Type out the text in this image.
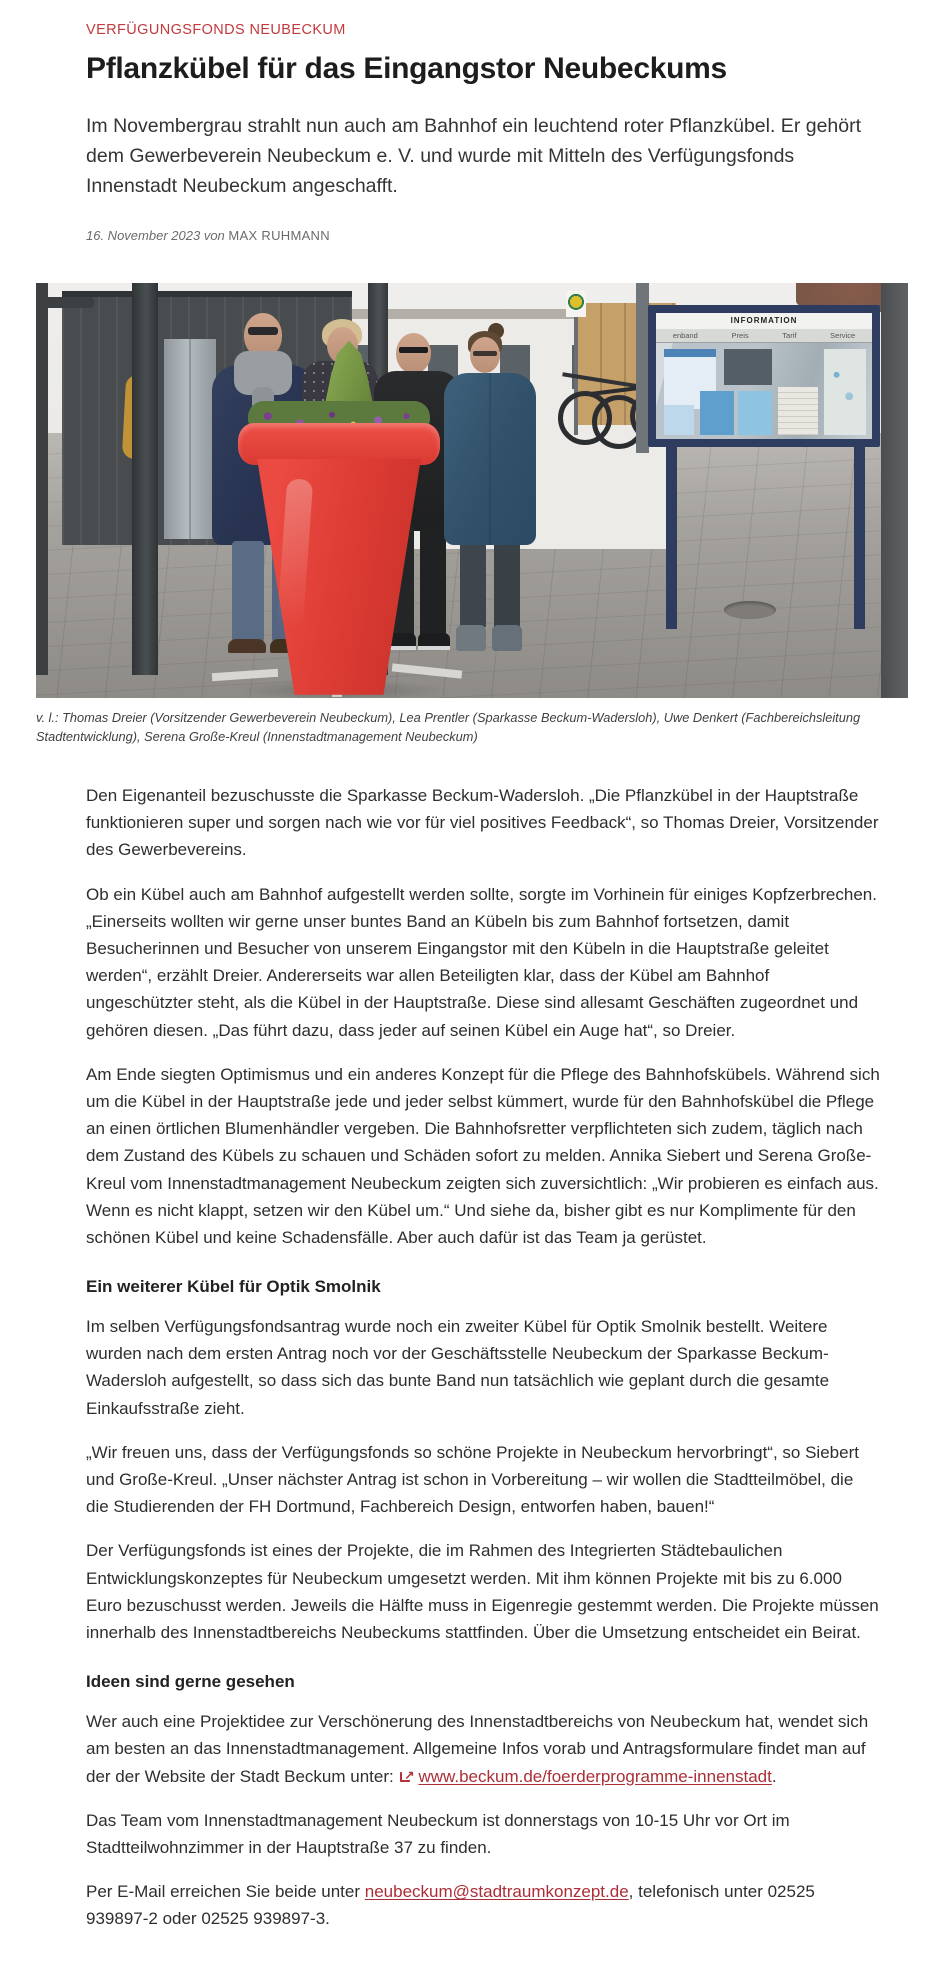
VERFÜGUNGSFONDS NEUBECKUM
Pflanzkübel für das Eingangstor Neubeckums

Im Novembergrau strahlt nun auch am Bahnhof ein leuchtend roter Pflanzkübel. Er gehört dem Gewerbeverein Neubeckum e. V. und wurde mit Mitteln des Verfügungsfonds Innenstadt Neubeckum angeschafft.

16. November 2023 von MAX RUHMANN
INFORMATION
enband	Preis	Tarif	Service
v. l.: Thomas Dreier (Vorsitzender Gewerbeverein Neubeckum), Lea Prentler (Sparkasse Beckum-Wadersloh), Uwe Denkert (Fachbereichsleitung Stadtentwicklung), Serena Große-Kreul (Innenstadtmanagement Neubeckum)

Den Eigenanteil bezuschusste die Sparkasse Beckum-Wadersloh. „Die Pflanzkübel in der Hauptstraße funktionieren super und sorgen nach wie vor für viel positives Feedback“, so Thomas Dreier, Vorsitzender des Gewerbevereins.

Ob ein Kübel auch am Bahnhof aufgestellt werden sollte, sorgte im Vorhinein für einiges Kopfzerbrechen. „Einerseits wollten wir gerne unser buntes Band an Kübeln bis zum Bahnhof fortsetzen, damit Besucherinnen und Besucher von unserem Eingangstor mit den Kübeln in die Hauptstraße geleitet werden“, erzählt Dreier. Andererseits war allen Beteiligten klar, dass der Kübel am Bahnhof ungeschützter steht, als die Kübel in der Hauptstraße. Diese sind allesamt Geschäften zugeordnet und gehören diesen. „Das führt dazu, dass jeder auf seinen Kübel ein Auge hat“, so Dreier.

Am Ende siegten Optimismus und ein anderes Konzept für die Pflege des Bahnhofskübels. Während sich um die Kübel in der Hauptstraße jede und jeder selbst kümmert, wurde für den Bahnhofskübel die Pflege an einen örtlichen Blumenhändler vergeben. Die Bahnhofsretter verpflichteten sich zudem, täglich nach dem Zustand des Kübels zu schauen und Schäden sofort zu melden. Annika Siebert und Serena Große-Kreul vom Innenstadtmanagement Neubeckum zeigten sich zuversichtlich: „Wir probieren es einfach aus. Wenn es nicht klappt, setzen wir den Kübel um.“ Und siehe da, bisher gibt es nur Komplimente für den schönen Kübel und keine Schadensfälle. Aber auch dafür ist das Team ja gerüstet.

Ein weiterer Kübel für Optik Smolnik

Im selben Verfügungsfondsantrag wurde noch ein zweiter Kübel für Optik Smolnik bestellt. Weitere wurden nach dem ersten Antrag noch vor der Geschäftsstelle Neubeckum der Sparkasse Beckum-Wadersloh aufgestellt, so dass sich das bunte Band nun tatsächlich wie geplant durch die gesamte Einkaufsstraße zieht.

„Wir freuen uns, dass der Verfügungsfonds so schöne Projekte in Neubeckum hervorbringt“, so Siebert und Große-Kreul. „Unser nächster Antrag ist schon in Vorbereitung – wir wollen die Stadtteilmöbel, die die Studierenden der FH Dortmund, Fachbereich Design, entworfen haben, bauen!“

Der Verfügungsfonds ist eines der Projekte, die im Rahmen des Integrierten Städtebaulichen Entwicklungskonzeptes für Neubeckum umgesetzt werden. Mit ihm können Projekte mit bis zu 6.000 Euro bezuschusst werden. Jeweils die Hälfte muss in Eigenregie gestemmt werden. Die Projekte müssen innerhalb des Innenstadtbereichs Neubeckums stattfinden. Über die Umsetzung entscheidet ein Beirat.

Ideen sind gerne gesehen

Wer auch eine Projektidee zur Verschönerung des Innenstadtbereichs von Neubeckum hat, wendet sich am besten an das Innenstadtmanagement. Allgemeine Infos vorab und Antragsformulare findet man auf der der Website der Stadt Beckum unter: ↗ www.beckum.de/foerderprogramme-innenstadt.

Das Team vom Innenstadtmanagement Neubeckum ist donnerstags von 10-15 Uhr vor Ort im Stadtteilwohnzimmer in der Hauptstraße 37 zu finden.

Per E-Mail erreichen Sie beide unter neubeckum@stadtraumkonzept.de, telefonisch unter 02525 939897-2 oder 02525 939897-3.
